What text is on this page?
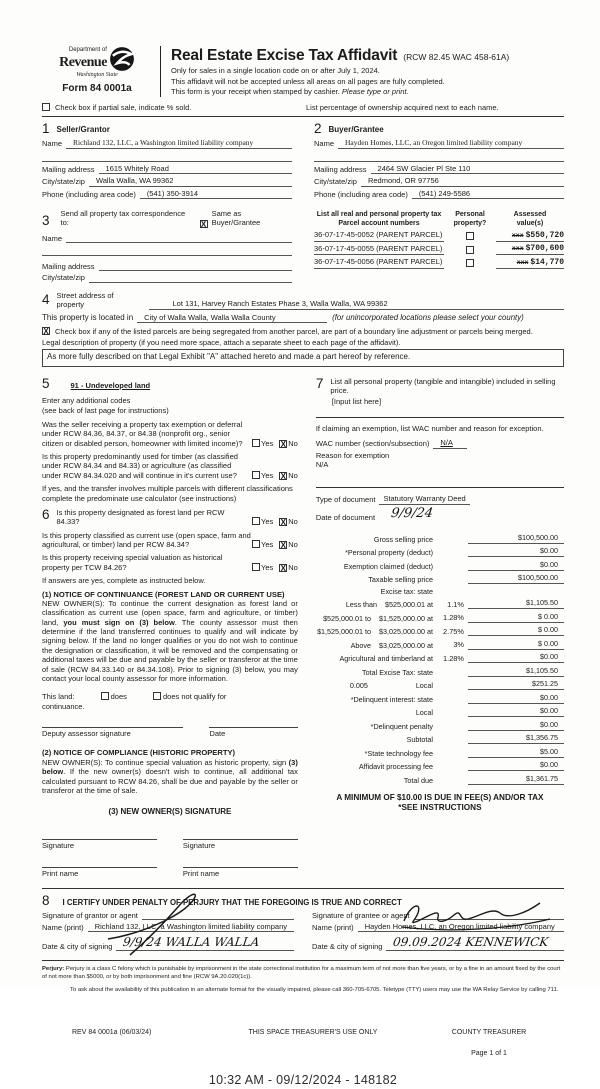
Department of
Revenue
Washington State
Form 84 0001a
Real Estate Excise Tax Affidavit (RCW 82.45 WAC 458-61A)
Only for sales in a single location code on or after July 1, 2024.
This affidavit will not be accepted unless all areas on all pages are fully completed.
This form is your receipt when stamped by cashier. Please type or print.
Check box if partial sale, indicate % sold.	List percentage of ownership acquired next to each name.
1 Seller/Grantor
Name	Richland 132, LLC, a Washington limited liability company
Mailing address	1615 Whitely Road
City/state/zip	Walla Walla, WA 99362
Phone (including area code)	(541) 350-3914
2 Buyer/Grantee
Name	Hayden Homes, LLC, an Oregon limited liability company
Mailing address	2464 SW Glacier Pl Ste 110
City/state/zip	Redmond, OR 97756
Phone (including area code)	(541) 249-5586
3 Send all property tax correspondence to:	X
Same as Buyer/Grantee
Name
Mailing address
City/state/zip
List all real and personal property tax
Parcel account numbers
Personal
property?
Assessed
value(s)
36-07-17-45-0052 (PARENT PARCEL)	xxx $550,720
36-07-17-45-0055 (PARENT PARCEL)	xxx $700,600
36-07-17-45-0056 (PARENT PARCEL)	xxx $14,770
4 Street address of
property	Lot 131, Harvey Ranch Estates Phase 3, Walla Walla, WA 99362
This property is located in	City of Walla Walla, Walla Walla County	(for unincorporated locations please select your county)
X Check box if any of the listed parcels are being segregated from another parcel, are part of a boundary line adjustment or parcels being merged.
Legal description of property (if you need more space, attach a separate sheet to each page of the affidavit).
As more fully described on that Legal Exhibit "A" attached hereto and made a part hereof by reference.
5	91 - Undeveloped land
Enter any additional codes
(see back of last page for instructions)
Was the seller receiving a property tax exemption or deferral under RCW 84.36, 84.37, or 84.38 (nonprofit org., senior citizen or disabled person, homeowner with limited income)?	Yes X No
Is this property predominantly used for timber (as classified under RCW 84.34 and 84.33) or agriculture (as classified under RCW 84.34.020 and will continue in it's current use?	Yes X No
If yes, and the transfer involves multiple parcels with different classifications complete the predominate use calculator (see instructions)
6 Is this property designated as forest land per RCW 84.33?	Yes X No
Is this property classified as current use (open space, farm and agricultural, or timber) land per RCW 84.34?	Yes X No
Is this property receiving special valuation as historical property per TCW 84.26?	Yes X No
If answers are yes, complete as instructed below.
(1) NOTICE OF CONTINUANCE (FOREST LAND OR CURRENT USE)
NEW OWNER(S): To continue the current designation as forest land or classification as current use (open space, farm and agriculture, or timber) land, you must sign on (3) below. The county assessor must then determine if the land transferred continues to qualify and will indicate by signing below. If the land no longer qualifies or you do not wish to continue the designation or classification, it will be removed and the compensating or additional taxes will be due and payable by the seller or transferor at the time of sale (RCW 84.33.140 or 84.34.108). Prior to signing (3) below, you may contact your local county assessor for more information.
This land:	does	does not qualify for
continuance.
Deputy assessor signature	Date
(2) NOTICE OF COMPLIANCE (HISTORIC PROPERTY)
NEW OWNER(S): To continue special valuation as historic property, sign (3) below. If the new owner(s) doesn't wish to continue, all additional tax calculated pursuant to RCW 84.26, shall be due and payable by the seller or transferor at the time of sale.
(3) NEW OWNER(S) SIGNATURE
Signature	Signature
Print name	Print name
7 List all personal property (tangible and intangible) included in selling price.
[Input list here]
If claiming an exemption, list WAC number and reason for exception.
WAC number (section/subsection)	N/A
Reason for exemption
N/A
Type of document	Statutory Warranty Deed
Date of document 9/9/24
Gross selling price	$100,500.00
*Personal property (deduct)	$0.00
Exemption claimed (deduct)	$0.00
Taxable selling price	$100,500.00
Excise tax: state
Less than $525,000.01 at	1.1%	$1,105.50
$525,000.01 to $1,525,000.00 at	1.28%	$ 0.00
$1,525,000.01 to $3,025,000.00 at	2.75%	$ 0.00
Above $3,025,000.00 at	3%	$ 0.00
Agricultural and timberland at	1.28%	$0.00
Total Excise Tax: state	$1,105.50
0.005	Local	$251.25
*Delinquent interest: state	$0.00
Local	$0.00
*Delinquent penalty	$0.00
Subtotal	$1,356.75
*State technology fee	$5.00
Affidavit processing fee	$0.00
Total due	$1,361.75
A MINIMUM OF $10.00 IS DUE IN FEE(S) AND/OR TAX
*SEE INSTRUCTIONS
8 I CERTIFY UNDER PENALTY OF PERJURY THAT THE FOREGOING IS TRUE AND CORRECT
Signature of grantor or agent
Name (print)	Richland 132, LLC, a Washington limited liability company
Date & city of signing 9/9/24 WALLA WALLA
Signature of grantee or agent
Name (print)	Hayden Homes, LLC, an Oregon limited liability company
Date & city of signing 09.09.2024 KENNEWICK
Perjury: Perjury is a class C felony which is punishable by imprisonment in the state correctional institution for a maximum term of not more than five years, or by a fine in an amount fixed by the court of not more than $5000, or by both imprisonment and fine (RCW 9A.20.020(1c)).
To ask about the availability of this publication in an alternate format for the visually impaired, please call 360-705-6705. Teletype (TTY) users may use the WA Relay Service by calling 711.
REV 84 0001a (06/03/24)	THIS SPACE TREASURER'S USE ONLY	COUNTY TREASURER
Page 1 of 1
10:32 AM - 09/12/2024 - 148182
